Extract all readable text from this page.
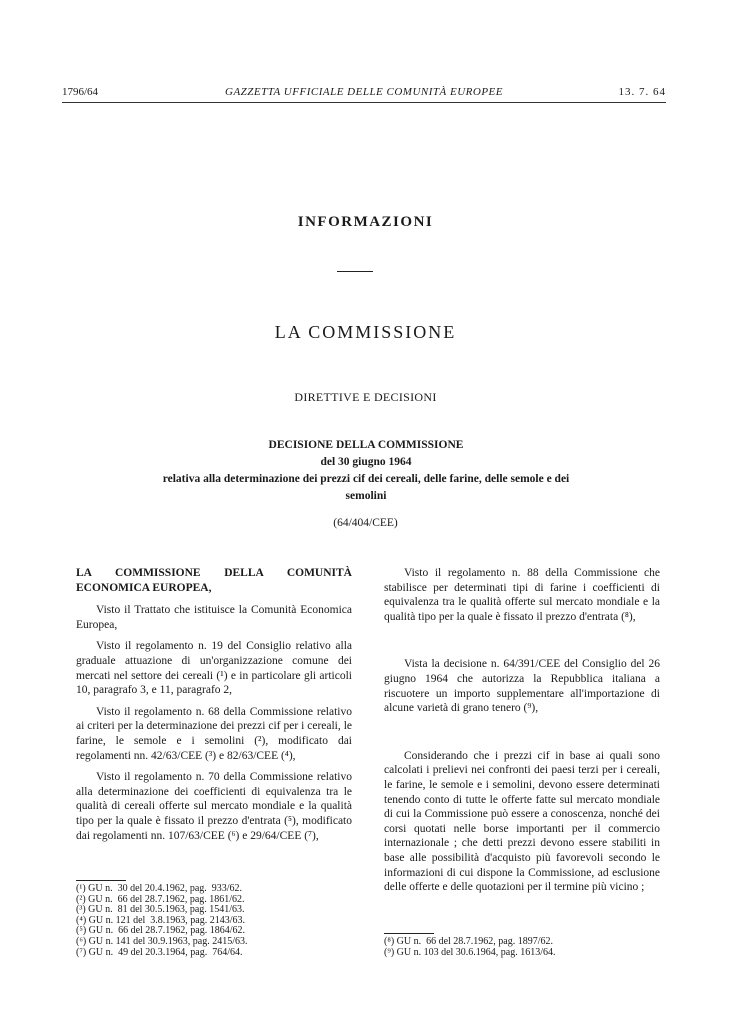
1796/64	GAZZETTA UFFICIALE DELLE COMUNITÀ EUROPEE	13. 7. 64
INFORMAZIONI
LA COMMISSIONE
DIRETTIVE E DECISIONI
DECISIONE DELLA COMMISSIONE
del 30 giugno 1964
relativa alla determinazione dei prezzi cif dei cereali, delle farine, delle semole e dei semolini
(64/404/CEE)

LA COMMISSIONE DELLA COMUNITÀ ECONOMICA EUROPEA,

Visto il Trattato che istituisce la Comunità Economica Europea,

Visto il regolamento n. 19 del Consiglio relativo alla graduale attuazione di un'organizzazione comune dei mercati nel settore dei cereali (¹) e in particolare gli articoli 10, paragrafo 3, e 11, paragrafo 2,

Visto il regolamento n. 68 della Commissione relativo ai criteri per la determinazione dei prezzi cif per i cereali, le farine, le semole e i semolini (²), modificato dai regolamenti nn. 42/63/CEE (³) e 82/63/CEE (⁴),

Visto il regolamento n. 70 della Commissione relativo alla determinazione dei coefficienti di equivalenza tra le qualità di cereali offerte sul mercato mondiale e la qualità tipo per la quale è fissato il prezzo d'entrata (⁵), modificato dai regolamenti nn. 107/63/CEE (⁶) e 29/64/CEE (⁷),

Visto il regolamento n. 88 della Commissione che stabilisce per determinati tipi di farine i coefficienti di equivalenza tra le qualità offerte sul mercato mondiale e la qualità tipo per la quale è fissato il prezzo d'entrata (⁸),

Vista la decisione n. 64/391/CEE del Consiglio del 26 giugno 1964 che autorizza la Repubblica italiana a riscuotere un importo supplementare all'importazione di alcune varietà di grano tenero (⁹),

Considerando che i prezzi cif in base ai quali sono calcolati i prelievi nei confronti dei paesi terzi per i cereali, le farine, le semole e i semolini, devono essere determinati tenendo conto di tutte le offerte fatte sul mercato mondiale di cui la Commissione può essere a conoscenza, nonché dei corsi quotati nelle borse importanti per il commercio internazionale ; che detti prezzi devono essere stabiliti in base alle possibilità d'acquisto più favorevoli secondo le informazioni di cui dispone la Commissione, ad esclusione delle offerte e delle quotazioni per il termine più vicino ;

(¹) GU n.  30 del 20.4.1962, pag.  933/62.
(²) GU n.  66 del 28.7.1962, pag. 1861/62.
(³) GU n.  81 del 30.5.1963, pag. 1541/63.
(⁴) GU n. 121 del  3.8.1963, pag. 2143/63.
(⁵) GU n.  66 del 28.7.1962, pag. 1864/62.
(⁶) GU n. 141 del 30.9.1963, pag. 2415/63.
(⁷) GU n.  49 del 20.3.1964, pag.  764/64.
(⁸) GU n.  66 del 28.7.1962, pag. 1897/62.
(⁹) GU n. 103 del 30.6.1964, pag. 1613/64.
